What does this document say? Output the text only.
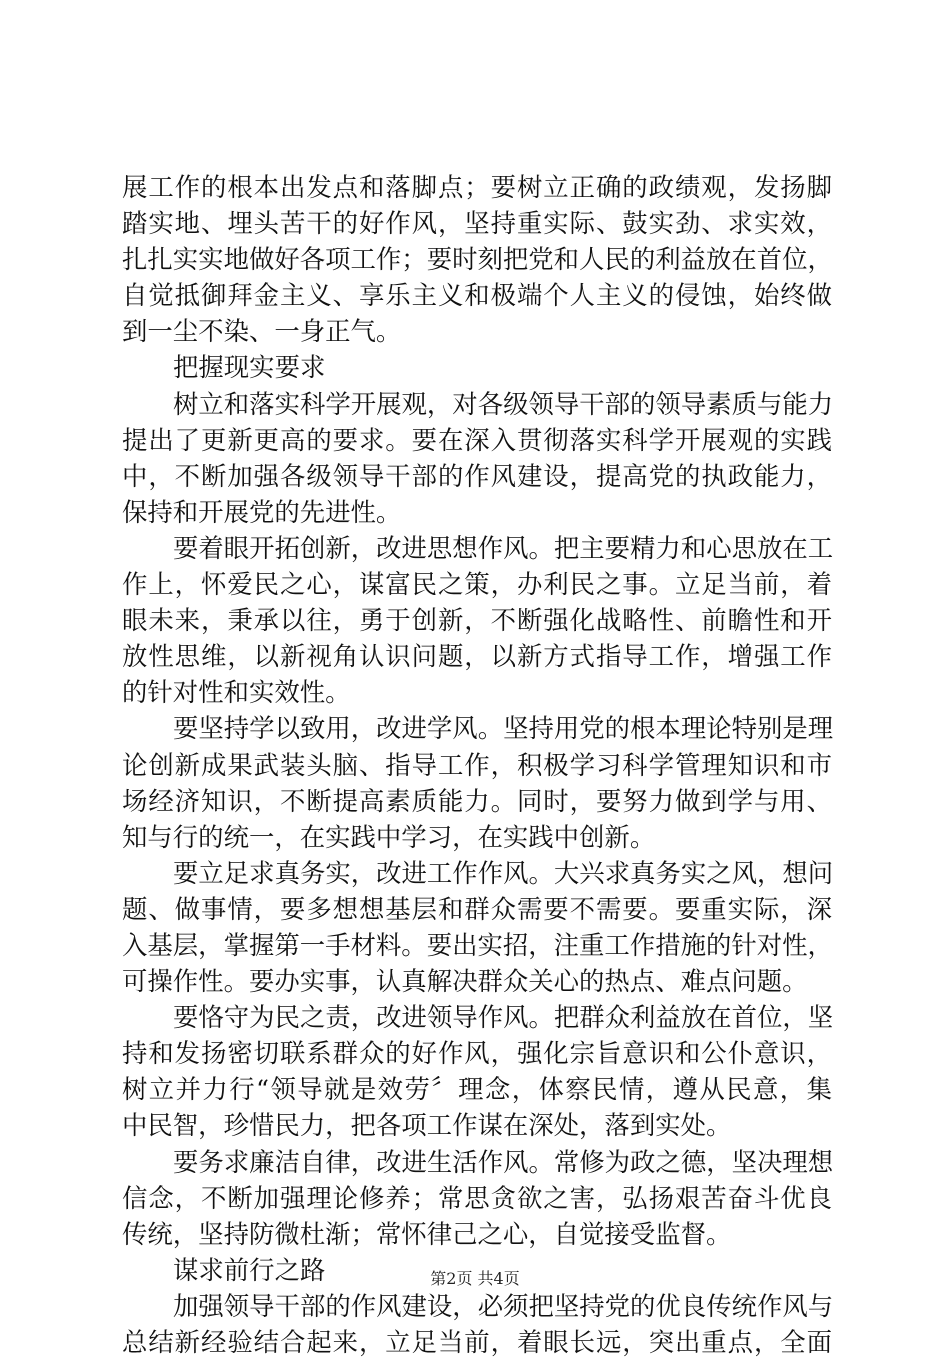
展工作的根本出发点和落脚点；要树立正确的政绩观，发扬脚
踏实地、埋头苦干的好作风，坚持重实际、鼓实劲、求实效，
扎扎实实地做好各项工作；要时刻把党和人民的利益放在首位，
自觉抵御拜金主义、享乐主义和极端个人主义的侵蚀，始终做
到一尘不染、一身正气。
把握现实要求
树立和落实科学开展观，对各级领导干部的领导素质与能力
提出了更新更高的要求。要在深入贯彻落实科学开展观的实践
中，不断加强各级领导干部的作风建设，提高党的执政能力，
保持和开展党的先进性。
要着眼开拓创新，改进思想作风。把主要精力和心思放在工
作上，怀爱民之心，谋富民之策，办利民之事。立足当前，着
眼未来，秉承以往，勇于创新，不断强化战略性、前瞻性和开
放性思维，以新视角认识问题，以新方式指导工作，增强工作
的针对性和实效性。
要坚持学以致用，改进学风。坚持用党的根本理论特别是理
论创新成果武装头脑、指导工作，积极学习科学管理知识和市
场经济知识，不断提高素质能力。同时，要努力做到学与用、
知与行的统一，在实践中学习，在实践中创新。
要立足求真务实，改进工作作风。大兴求真务实之风，想问
题、做事情，要多想想基层和群众需要不需要。要重实际，深
入基层，掌握第一手材料。要出实招，注重工作措施的针对性，
可操作性。要办实事，认真解决群众关心的热点、难点问题。
要恪守为民之责，改进领导作风。把群众利益放在首位，坚
持和发扬密切联系群众的好作风，强化宗旨意识和公仆意识，
树立并力行“领导就是效劳〞理念，体察民情，遵从民意，集
中民智，珍惜民力，把各项工作谋在深处，落到实处。
要务求廉洁自律，改进生活作风。常修为政之德，坚决理想
信念，不断加强理论修养；常思贪欲之害，弘扬艰苦奋斗优良
传统，坚持防微杜渐；常怀律己之心，自觉接受监督。
谋求前行之路
加强领导干部的作风建设，必须把坚持党的优良传统作风与
总结新经验结合起来，立足当前，着眼长远，突出重点，全面
第2页 共4页
